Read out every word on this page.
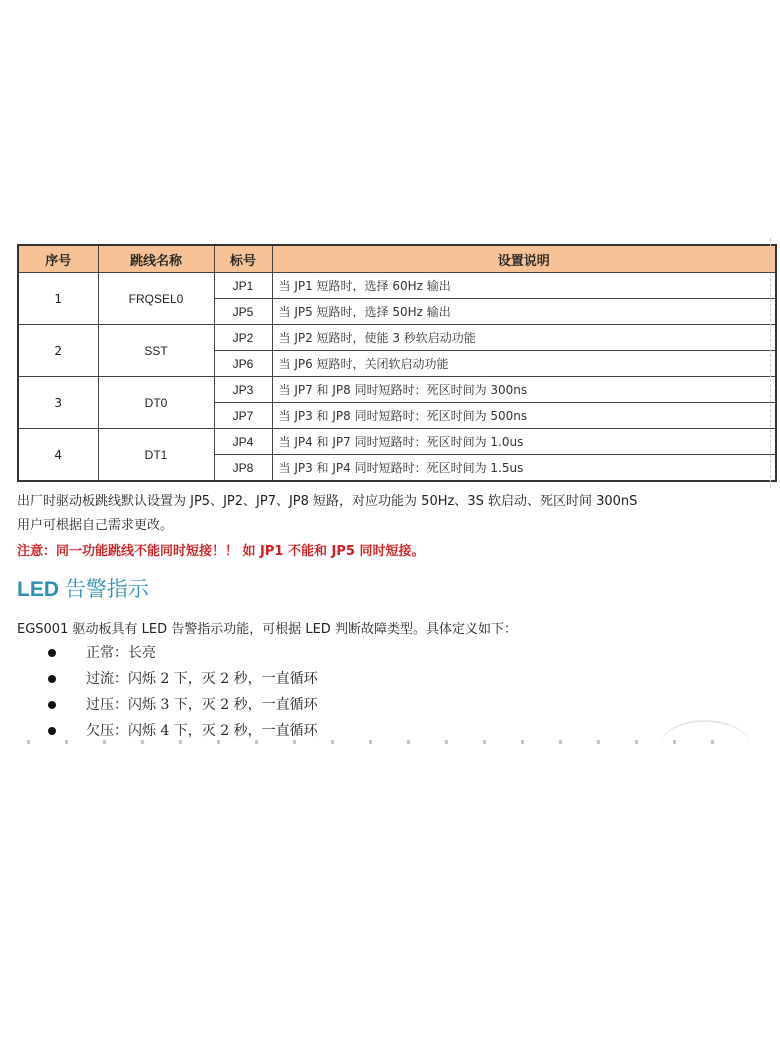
序号	跳线名称	标号	设置说明
1	FRQSEL0	JP1	当 JP1 短路时，选择 60Hz 输出
		JP5	当 JP5 短路时，选择 50Hz 输出
2	SST	JP2	当 JP2 短路时，使能 3 秒软启动功能
		JP6	当 JP6 短路时，关闭软启动功能
3	DT0	JP3	当 JP7 和 JP8 同时短路时：死区时间为 300ns
		JP7	当 JP3 和 JP8 同时短路时：死区时间为 500ns
4	DT1	JP4	当 JP4 和 JP7 同时短路时：死区时间为 1.0us
		JP8	当 JP3 和 JP4 同时短路时：死区时间为 1.5us
出厂时驱动板跳线默认设置为 JP5、JP2、JP7、JP8 短路，对应功能为 50Hz、3S 软启动、死区时间 300nS
用户可根据自己需求更改。
注意：同一功能跳线不能同时短接！！ 如 JP1 不能和 JP5 同时短接。
LED 告警指示
EGS001 驱动板具有 LED 告警指示功能，可根据 LED 判断故障类型。具体定义如下：
正常：长亮
过流：闪烁 2 下，灭 2 秒，一直循环
过压：闪烁 3 下，灭 2 秒，一直循环
欠压：闪烁 4 下，灭 2 秒，一直循环
